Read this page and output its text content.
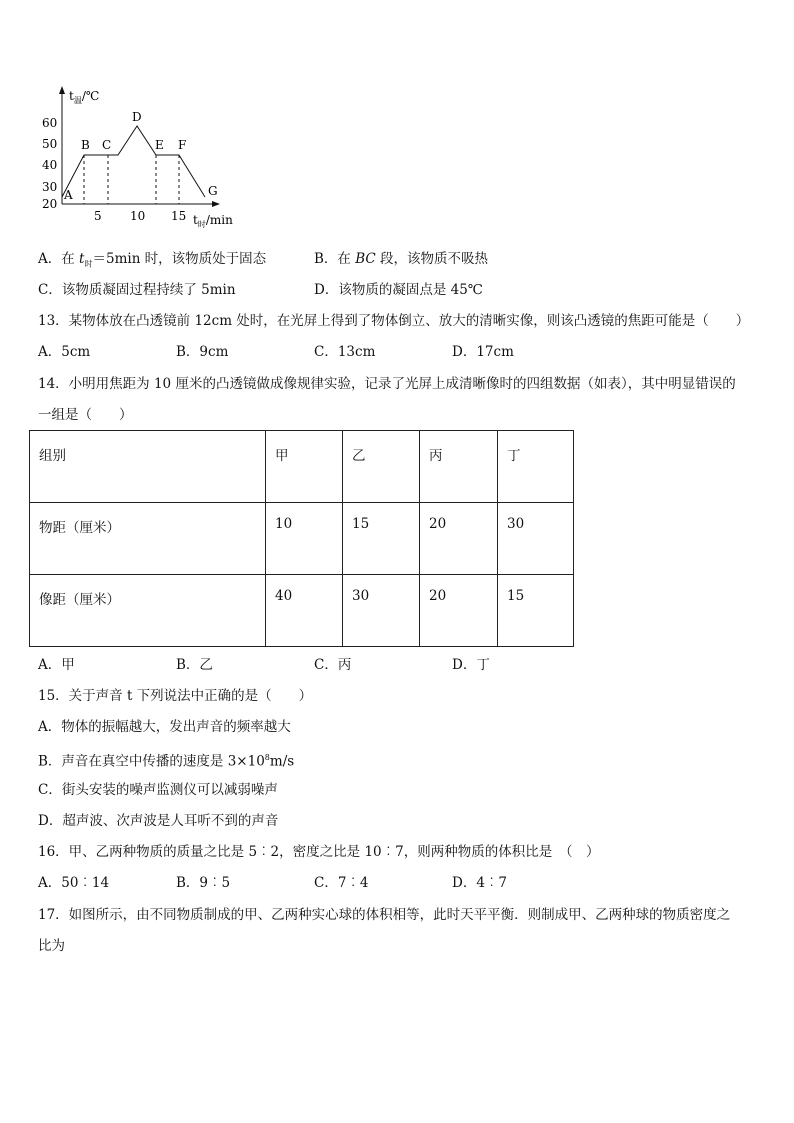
$t_温/℃$
$t_时/\min$
60
50
40
30
20
5 10 15
A
B C
D
E F
G
A．在 $t_时=5\min$ 时，该物质处于固态	B．在 BC 段，该物质不吸热
C．该物质凝固过程持续了 5min	D．该物质的凝固点是 45℃
13．某物体放在凸透镜前 12cm 处时，在光屏上得到了物体倒立、放大的清晰实像，则该凸透镜的焦距可能是（　　）
A．5cm	B．9cm	C．13cm	D．17cm
14．小明用焦距为 10 厘米的凸透镜做成像规律实验，记录了光屏上成清晰像时的四组数据（如表），其中明显错误的
一组是（　　）
组别	甲	乙	丙	丁
物距（厘米）	10	15	20	30
像距（厘米）	40	30	20	15
A．甲	B．乙	C．丙	D．丁
15．关于声音 t 下列说法中正确的是（　　）
A．物体的振幅越大，发出声音的频率越大
B．声音在真空中传播的速度是 $3\times 10^8m/s$
C．街头安装的噪声监测仪可以减弱噪声
D．超声波、次声波是人耳听不到的声音
16．甲、乙两种物质的质量之比是 5︰2，密度之比是 10︰7，则两种物质的体积比是　（　）
A．50︰14	B．9︰5	C．7︰4	D．4︰7
17．如图所示，由不同物质制成的甲、乙两种实心球的体积相等，此时天平平衡．则制成甲、乙两种球的物质密度之
比为
